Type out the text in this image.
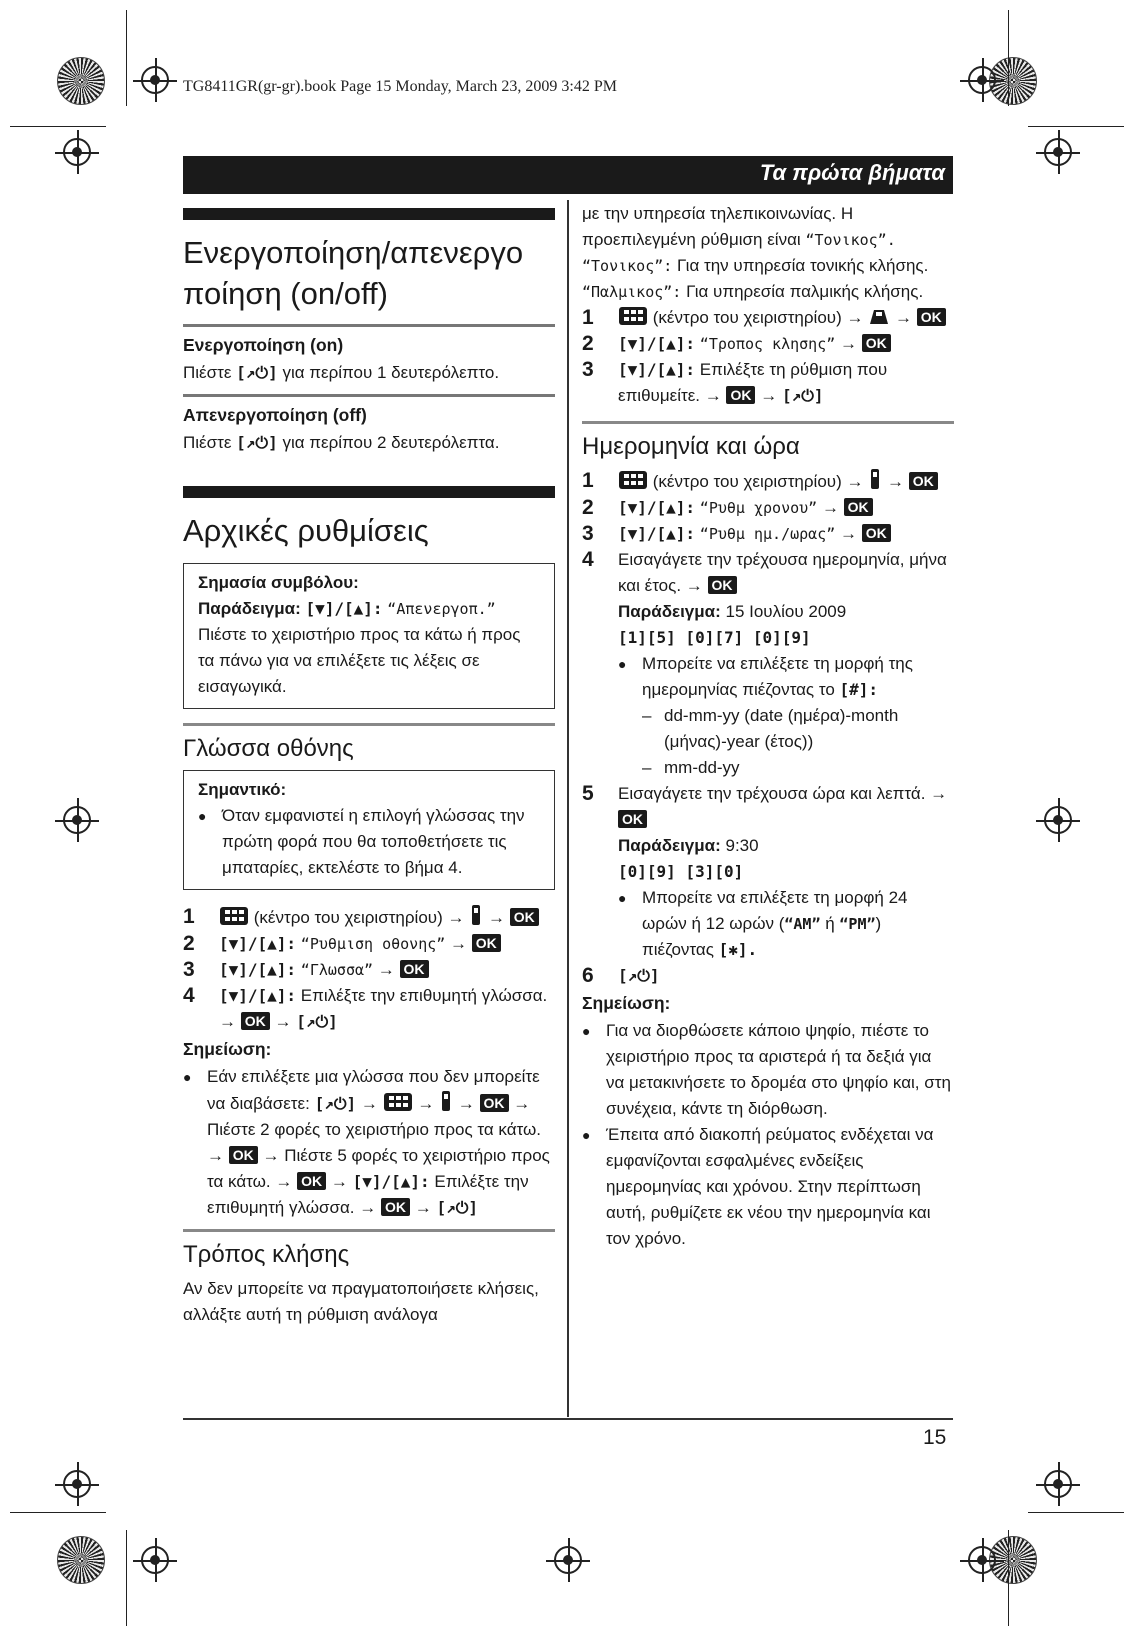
TG8411GR(gr-gr).book Page 15 Monday, March 23, 2009 3:42 PM
Τα πρώτα βήματα
Ενεργοποίηση/απενεργο ποίηση (on/off)
Ενεργοποίηση (on)

Πιέστε [↗⏻] για περίπου 1 δευτερόλεπτο.

Απενεργοποίηση (off)

Πιέστε [↗⏻] για περίπου 2 δευτερόλεπτα.

Αρχικές ρυθμίσεις
Σημασία συμβόλου:
Παράδειγμα: [▼]/[▲]: “Απενεργοπ.”

Πιέστε το χειριστήριο προς τα κάτω ή προς τα πάνω για να επιλέξετε τις λέξεις σε εισαγωγικά.

Γλώσσα οθόνης
Σημαντικό:
● Όταν εμφανιστεί η επιλογή γλώσσας την πρώτη φορά που θα τοποθετήσετε τις μπαταρίες, εκτελέστε το βήμα 4.
1	(κέντρο του χειριστηρίου) → → OK
2	[▼]/[▲]: “Ρυθμιση οθονης” → OK
3	[▼]/[▲]: “Γλωσσα” → OK
4	[▼]/[▲]: Επιλέξτε την επιθυμητή γλώσσα. → OK → [↗⏻]
Σημείωση:
● Εάν επιλέξετε μια γλώσσα που δεν μπορείτε να διαβάσετε: [↗⏻] → → → OK → Πιέστε 2 φορές το χειριστήριο προς τα κάτω. → OK → Πιέστε 5 φορές το χειριστήριο προς τα κάτω. → OK → [▼]/[▲]: Επιλέξτε την επιθυμητή γλώσσα. → OK → [↗⏻]
Τρόπος κλήσης

Αν δεν μπορείτε να πραγματοποιήσετε κλήσεις, αλλάξτε αυτή τη ρύθμιση ανάλογα

με την υπηρεσία τηλεπικοινωνίας. Η προεπιλεγμένη ρύθμιση είναι “Τονικος”.

“Τονικος”: Για την υπηρεσία τονικής κλήσης.

“Παλμικος”: Για υπηρεσία παλμικής κλήσης.

1	(κέντρο του χειριστηρίου) → → OK
2	[▼]/[▲]: “Τροπος κλησης” → OK
3	[▼]/[▲]: Επιλέξτε τη ρύθμιση που επιθυμείτε. → OK → [↗⏻]
Ημερομηνία και ώρα
1	(κέντρο του χειριστηρίου) → → OK
2	[▼]/[▲]: “Ρυθμ χρονου” → OK
3	[▼]/[▲]: “Ρυθμ ημ./ωρας” → OK
4	Εισαγάγετε την τρέχουσα ημερομηνία, μήνα και έτος. → OK
Παράδειγμα: 15 Ιουλίου 2009
[1][5] [0][7] [0][9]
● Μπορείτε να επιλέξετε τη μορφή της ημερομηνίας πιέζοντας το [#]:
– dd-mm-yy (date (ημέρα)-month (μήνας)-year (έτος))
– mm-dd-yy
5	Εισαγάγετε την τρέχουσα ώρα και λεπτά. → OK
Παράδειγμα: 9:30
[0][9] [3][0]
● Μπορείτε να επιλέξετε τη μορφή 24 ωρών ή 12 ωρών (“AM” ή “PM”) πιέζοντας [✱].
6	[↗⏻]
Σημείωση:
● Για να διορθώσετε κάποιο ψηφίο, πιέστε το χειριστήριο προς τα αριστερά ή τα δεξιά για να μετακινήσετε το δρομέα στο ψηφίο και, στη συνέχεια, κάντε τη διόρθωση.
● Έπειτα από διακοπή ρεύματος ενδέχεται να εμφανίζονται εσφαλμένες ενδείξεις ημερομηνίας και χρόνου. Στην περίπτωση αυτή, ρυθμίζετε εκ νέου την ημερομηνία και τον χρόνο.
15
